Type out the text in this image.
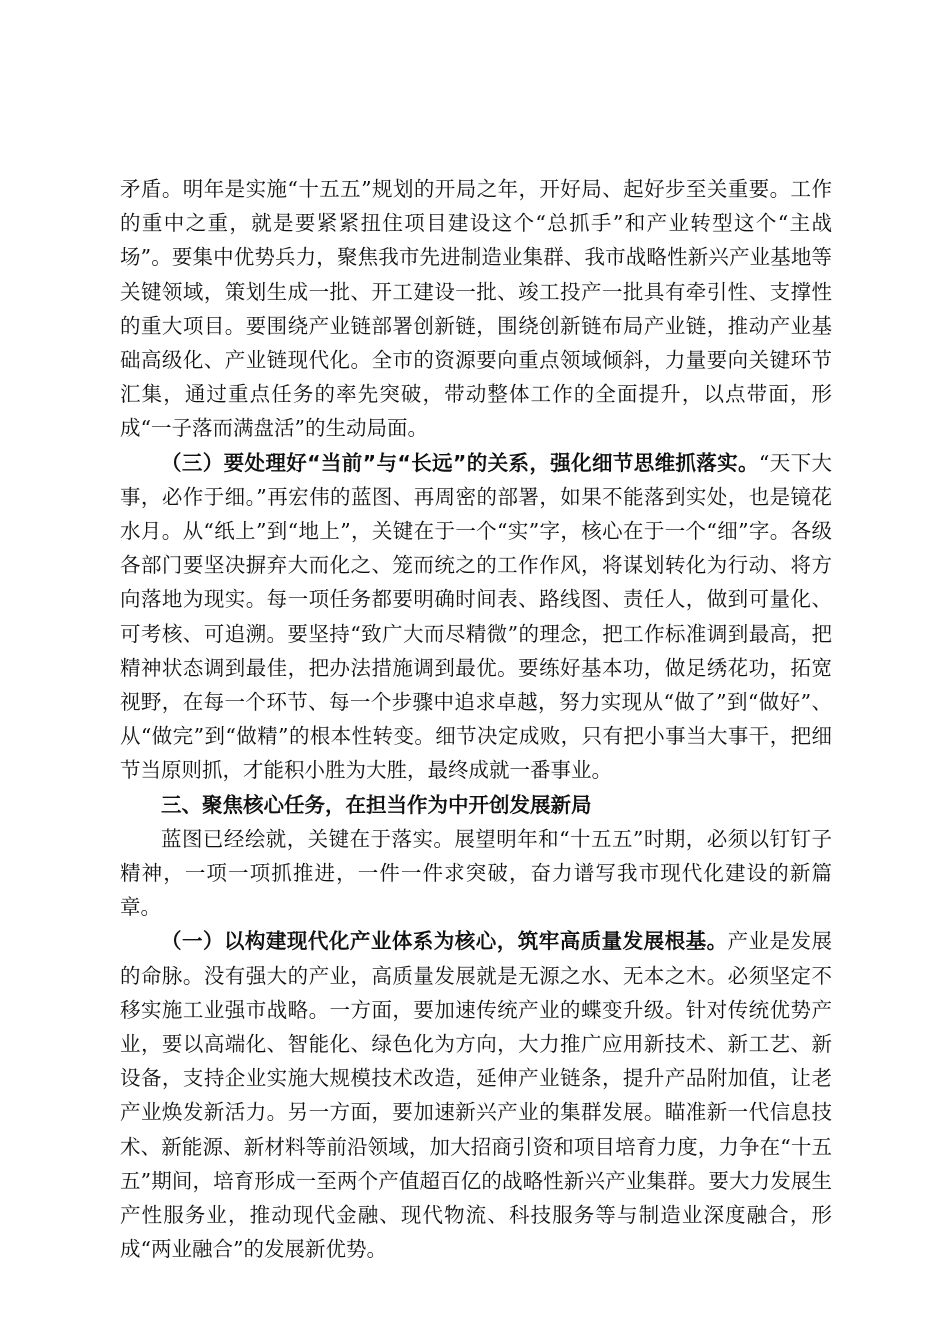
矛盾。明年是实施“十五五”规划的开局之年，开好局、起好步至关重要。工作的重中之重，就是要紧紧扭住项目建设这个“总抓手”和产业转型这个“主战场”。要集中优势兵力，聚焦我市先进制造业集群、我市战略性新兴产业基地等关键领域，策划生成一批、开工建设一批、竣工投产一批具有牵引性、支撑性的重大项目。要围绕产业链部署创新链，围绕创新链布局产业链，推动产业基础高级化、产业链现代化。全市的资源要向重点领域倾斜，力量要向关键环节汇集，通过重点任务的率先突破，带动整体工作的全面提升，以点带面，形成“一子落而满盘活”的生动局面。

（三）要处理好“当前”与“长远”的关系，强化细节思维抓落实。“天下大事，必作于细。”再宏伟的蓝图、再周密的部署，如果不能落到实处，也是镜花水月。从“纸上”到“地上”，关键在于一个“实”字，核心在于一个“细”字。各级各部门要坚决摒弃大而化之、笼而统之的工作作风，将谋划转化为行动、将方向落地为现实。每一项任务都要明确时间表、路线图、责任人，做到可量化、可考核、可追溯。要坚持“致广大而尽精微”的理念，把工作标准调到最高，把精神状态调到最佳，把办法措施调到最优。要练好基本功，做足绣花功，拓宽视野，在每一个环节、每一个步骤中追求卓越，努力实现从“做了”到“做好”、从“做完”到“做精”的根本性转变。细节决定成败，只有把小事当大事干，把细节当原则抓，才能积小胜为大胜，最终成就一番事业。

三、聚焦核心任务，在担当作为中开创发展新局

蓝图已经绘就，关键在于落实。展望明年和“十五五”时期，必须以钉钉子精神，一项一项抓推进，一件一件求突破，奋力谱写我市现代化建设的新篇章。

（一）以构建现代化产业体系为核心，筑牢高质量发展根基。产业是发展的命脉。没有强大的产业，高质量发展就是无源之水、无本之木。必须坚定不移实施工业强市战略。一方面，要加速传统产业的蝶变升级。针对传统优势产业，要以高端化、智能化、绿色化为方向，大力推广应用新技术、新工艺、新设备，支持企业实施大规模技术改造，延伸产业链条，提升产品附加值，让老产业焕发新活力。另一方面，要加速新兴产业的集群发展。瞄准新一代信息技术、新能源、新材料等前沿领域，加大招商引资和项目培育力度，力争在“十五五”期间，培育形成一至两个产值超百亿的战略性新兴产业集群。要大力发展生产性服务业，推动现代金融、现代物流、科技服务等与制造业深度融合，形成“两业融合”的发展新优势。
